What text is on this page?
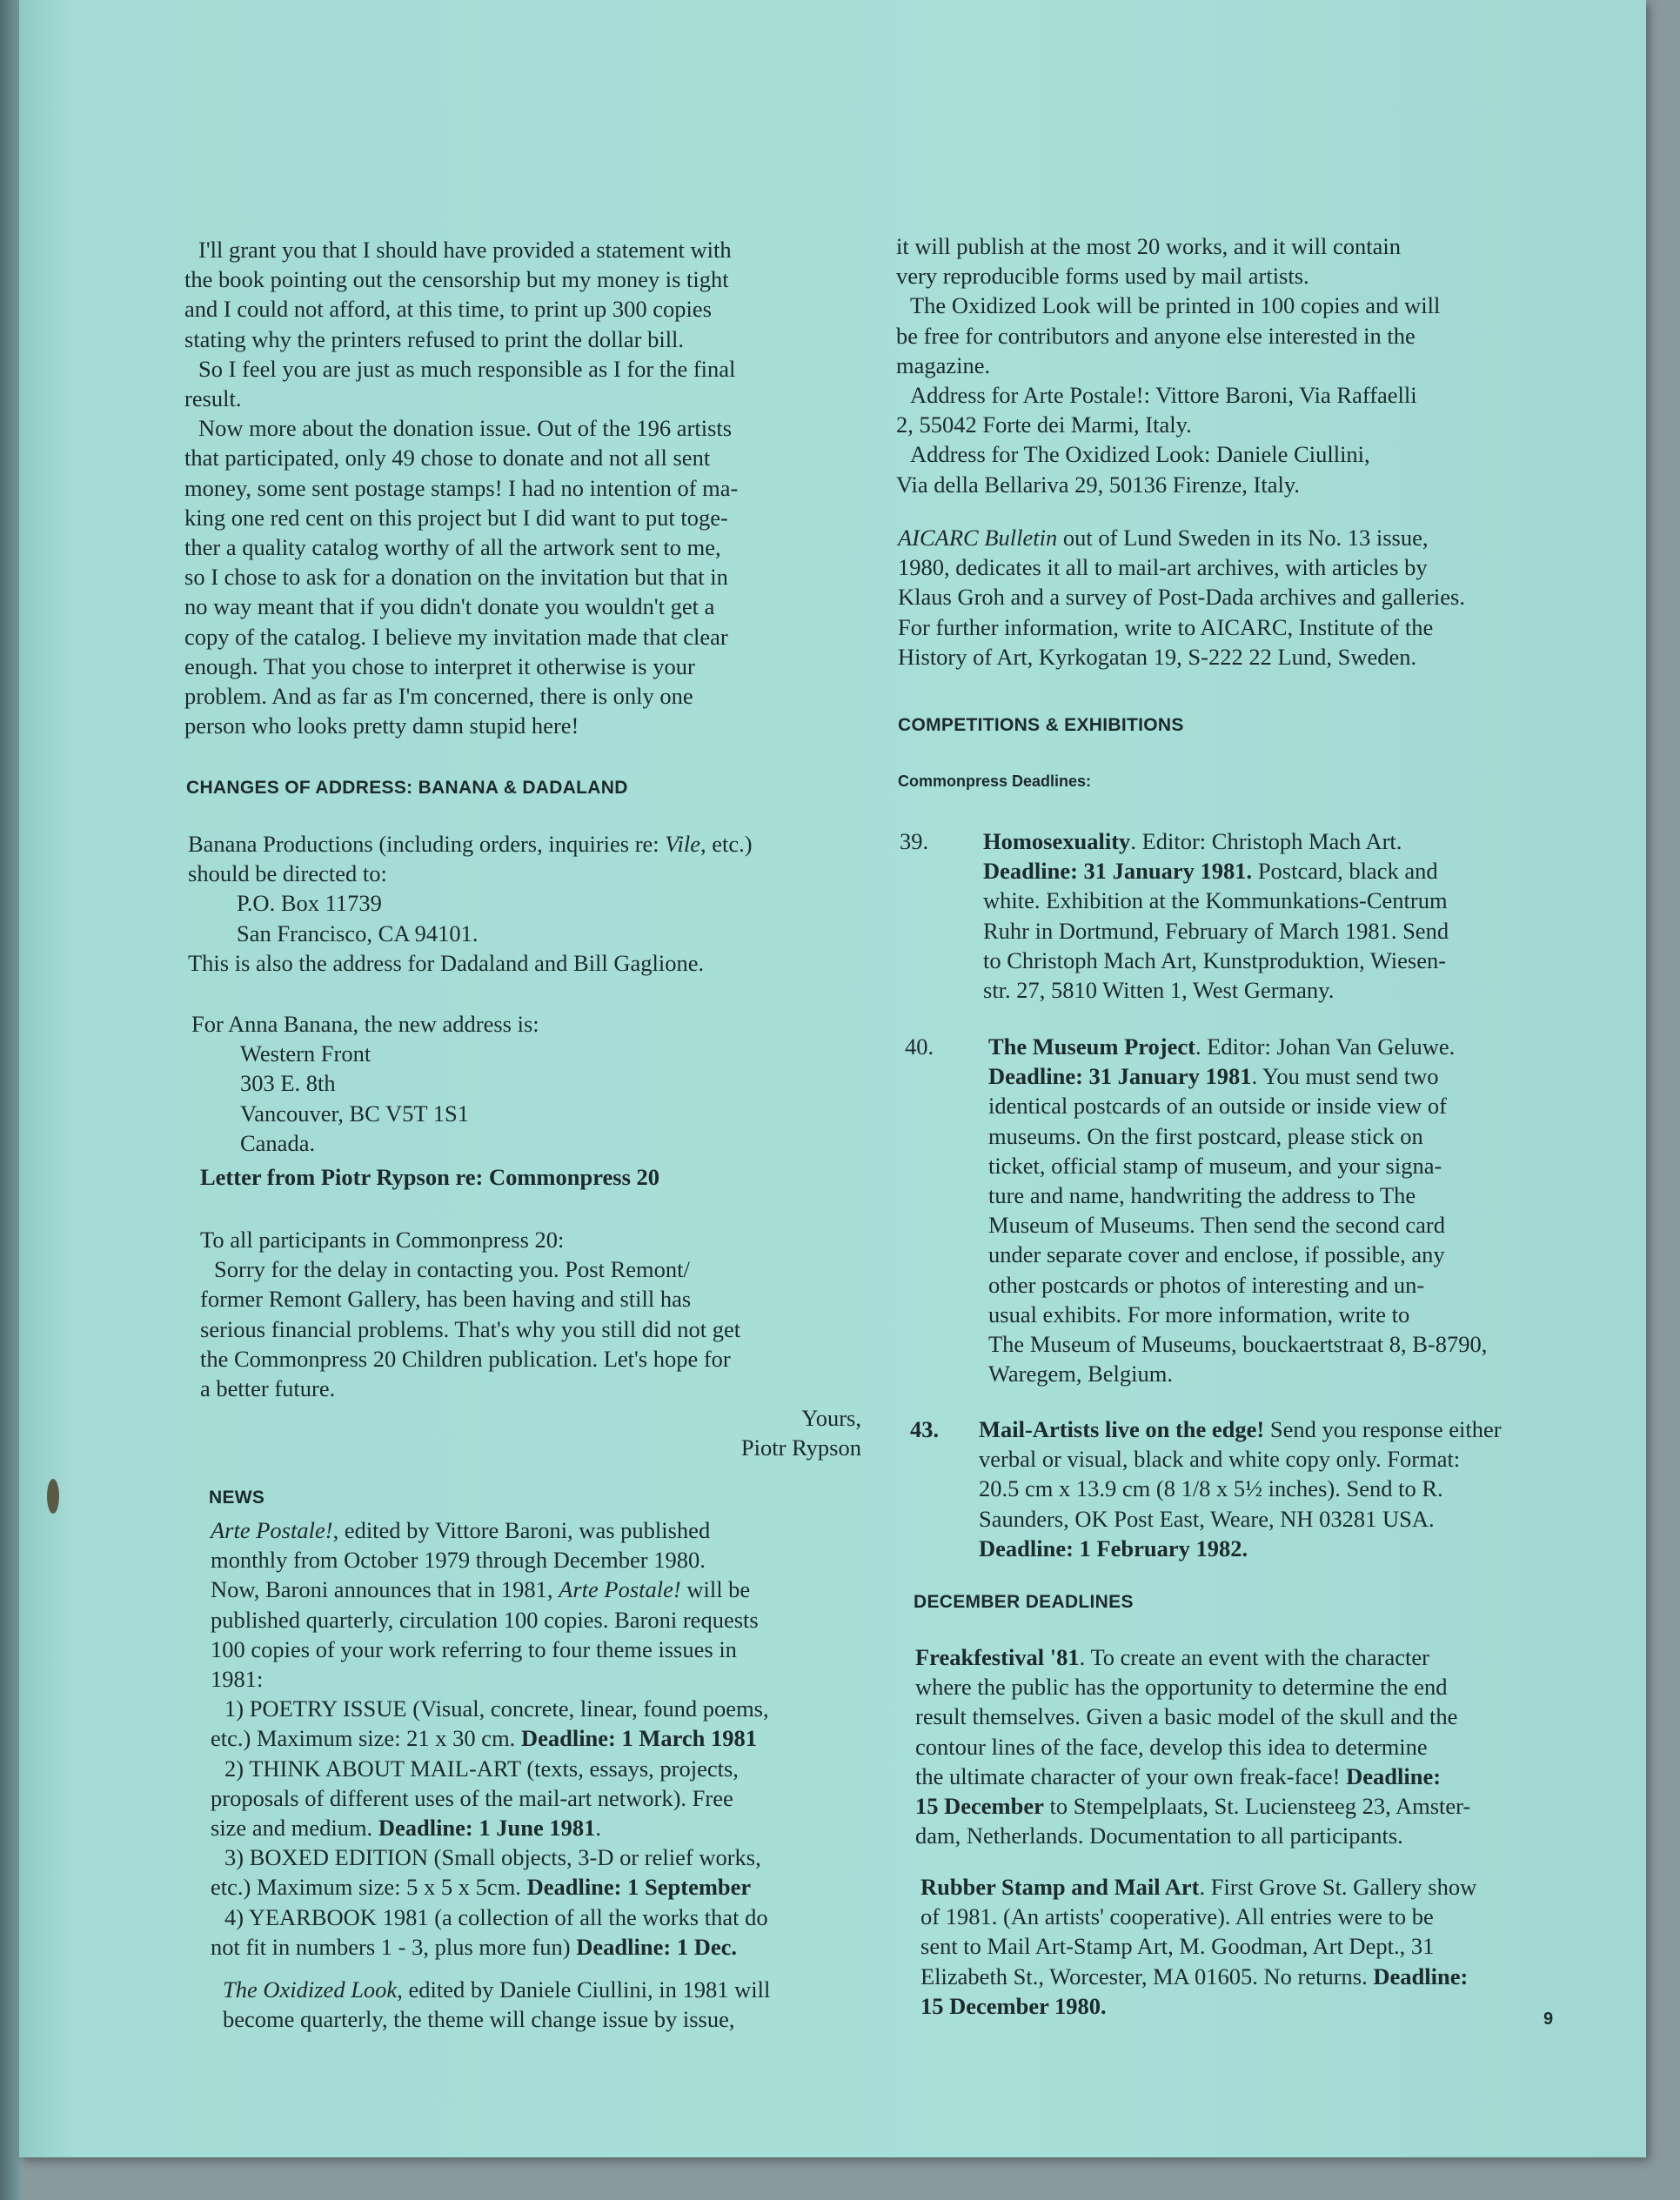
I'll grant you that I should have provided a statement with
the book pointing out the censorship but my money is tight
and I could not afford, at this time, to print up 300 copies
stating why the printers refused to print the dollar bill.
So I feel you are just as much responsible as I for the final
result.
Now more about the donation issue. Out of the 196 artists
that participated, only 49 chose to donate and not all sent
money, some sent postage stamps! I had no intention of ma-
king one red cent on this project but I did want to put toge-
ther a quality catalog worthy of all the artwork sent to me,
so I chose to ask for a donation on the invitation but that in
no way meant that if you didn't donate you wouldn't get a
copy of the catalog. I believe my invitation made that clear
enough. That you chose to interpret it otherwise is your
problem. And as far as I'm concerned, there is only one
person who looks pretty damn stupid here!
CHANGES OF ADDRESS: BANANA & DADALAND
Banana Productions (including orders, inquiries re: Vile, etc.)
should be directed to:
P.O. Box 11739
San Francisco, CA 94101.
This is also the address for Dadaland and Bill Gaglione.
For Anna Banana, the new address is:
Western Front
303 E. 8th
Vancouver, BC V5T 1S1
Canada.
Letter from Piotr Rypson re: Commonpress 20
To all participants in Commonpress 20:
Sorry for the delay in contacting you. Post Remont/
former Remont Gallery, has been having and still has
serious financial problems. That's why you still did not get
the Commonpress 20 Children publication. Let's hope for
a better future.
Yours,
Piotr Rypson
NEWS
Arte Postale!, edited by Vittore Baroni, was published
monthly from October 1979 through December 1980.
Now, Baroni announces that in 1981, Arte Postale! will be
published quarterly, circulation 100 copies. Baroni requests
100 copies of your work referring to four theme issues in
1981:
1) POETRY ISSUE (Visual, concrete, linear, found poems,
etc.) Maximum size: 21 x 30 cm. Deadline: 1 March 1981
2) THINK ABOUT MAIL-ART (texts, essays, projects,
proposals of different uses of the mail-art network). Free
size and medium. Deadline: 1 June 1981.
3) BOXED EDITION (Small objects, 3-D or relief works,
etc.) Maximum size: 5 x 5 x 5cm. Deadline: 1 September
4) YEARBOOK 1981 (a collection of all the works that do
not fit in numbers 1 - 3, plus more fun) Deadline: 1 Dec.
The Oxidized Look, edited by Daniele Ciullini, in 1981 will
become quarterly, the theme will change issue by issue,
it will publish at the most 20 works, and it will contain
very reproducible forms used by mail artists.
The Oxidized Look will be printed in 100 copies and will
be free for contributors and anyone else interested in the
magazine.
Address for Arte Postale!: Vittore Baroni, Via Raffaelli
2, 55042 Forte dei Marmi, Italy.
Address for The Oxidized Look: Daniele Ciullini,
Via della Bellariva 29, 50136 Firenze, Italy.
AICARC Bulletin out of Lund Sweden in its No. 13 issue,
1980, dedicates it all to mail-art archives, with articles by
Klaus Groh and a survey of Post-Dada archives and galleries.
For further information, write to AICARC, Institute of the
History of Art, Kyrkogatan 19, S-222 22 Lund, Sweden.
COMPETITIONS & EXHIBITIONS
Commonpress Deadlines:
39. Homosexuality. Editor: Christoph Mach Art.
Deadline: 31 January 1981. Postcard, black and
white. Exhibition at the Kommunkations-Centrum
Ruhr in Dortmund, February of March 1981. Send
to Christoph Mach Art, Kunstproduktion, Wiesen-
str. 27, 5810 Witten 1, West Germany.
40. The Museum Project. Editor: Johan Van Geluwe.
Deadline: 31 January 1981. You must send two
identical postcards of an outside or inside view of
museums. On the first postcard, please stick on
ticket, official stamp of museum, and your signa-
ture and name, handwriting the address to The
Museum of Museums. Then send the second card
under separate cover and enclose, if possible, any
other postcards or photos of interesting and un-
usual exhibits. For more information, write to
The Museum of Museums, bouckaertstraat 8, B-8790,
Waregem, Belgium.
43. Mail-Artists live on the edge! Send you response either
verbal or visual, black and white copy only. Format:
20.5 cm x 13.9 cm (8 1/8 x 5½ inches). Send to R.
Saunders, OK Post East, Weare, NH 03281 USA.
Deadline: 1 February 1982.
DECEMBER DEADLINES
Freakfestival '81. To create an event with the character
where the public has the opportunity to determine the end
result themselves. Given a basic model of the skull and the
contour lines of the face, develop this idea to determine
the ultimate character of your own freak-face! Deadline:
15 December to Stempelplaats, St. Luciensteeg 23, Amster-
dam, Netherlands. Documentation to all participants.
Rubber Stamp and Mail Art. First Grove St. Gallery show
of 1981. (An artists' cooperative). All entries were to be
sent to Mail Art-Stamp Art, M. Goodman, Art Dept., 31
Elizabeth St., Worcester, MA 01605. No returns. Deadline:
15 December 1980.
9
